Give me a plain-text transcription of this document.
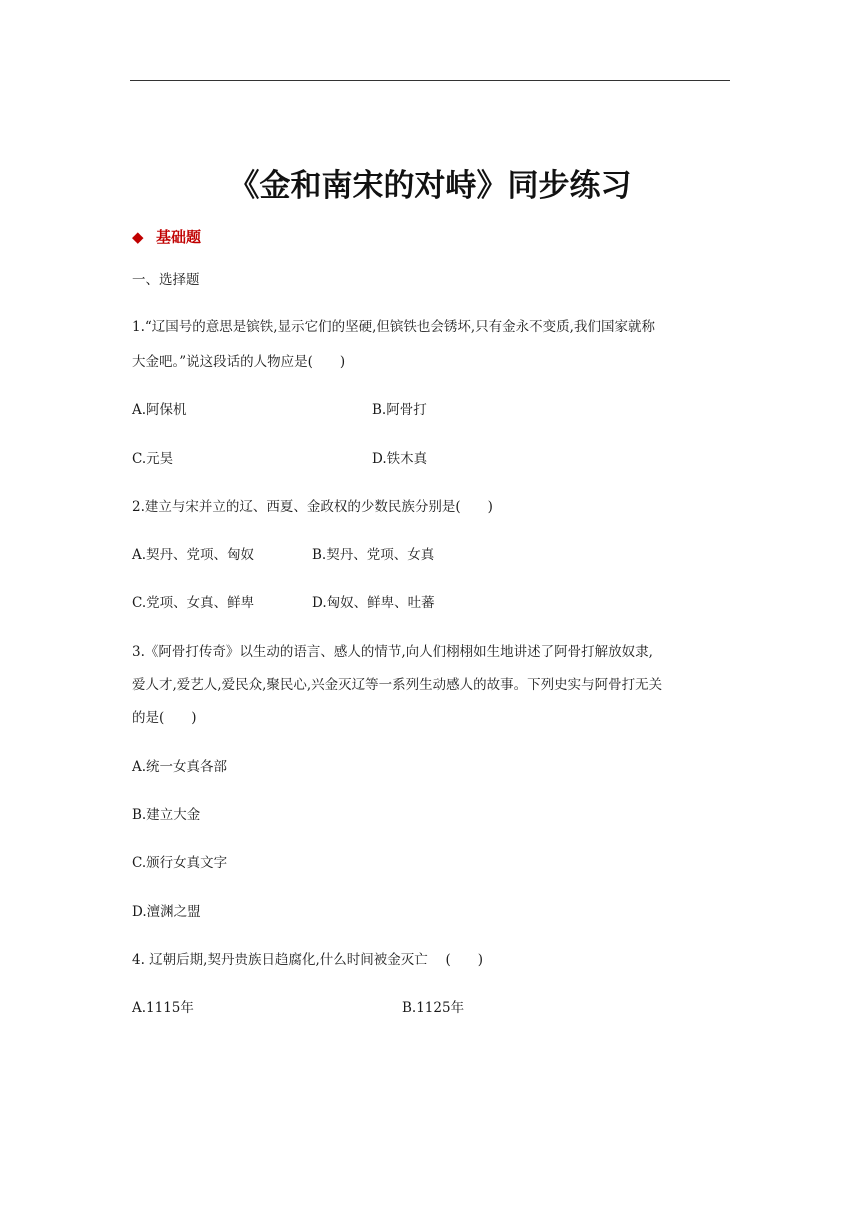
《金和南宋的对峙》同步练习
◆ 基础题
一、选择题
1.“辽国号的意思是镔铁,显示它们的坚硬,但镔铁也会锈坏,只有金永不变质,我们国家就称
大金吧。”说这段话的人物应是(　　)
A.阿保机	B.阿骨打
C.元昊	D.铁木真
2.建立与宋并立的辽、西夏、金政权的少数民族分别是(　　)
A.契丹、党项、匈奴	B.契丹、党项、女真
C.党项、女真、鲜卑	D.匈奴、鲜卑、吐蕃
3.《阿骨打传奇》以生动的语言、感人的情节,向人们栩栩如生地讲述了阿骨打解放奴隶,
爱人才,爱艺人,爱民众,聚民心,兴金灭辽等一系列生动感人的故事。下列史实与阿骨打无关
的是(　　)
A.统一女真各部
B.建立大金
C.颁行女真文字
D.澶渊之盟
4. 辽朝后期,契丹贵族日趋腐化,什么时间被金灭亡　 (　　)
A.1115年	B.1125年
